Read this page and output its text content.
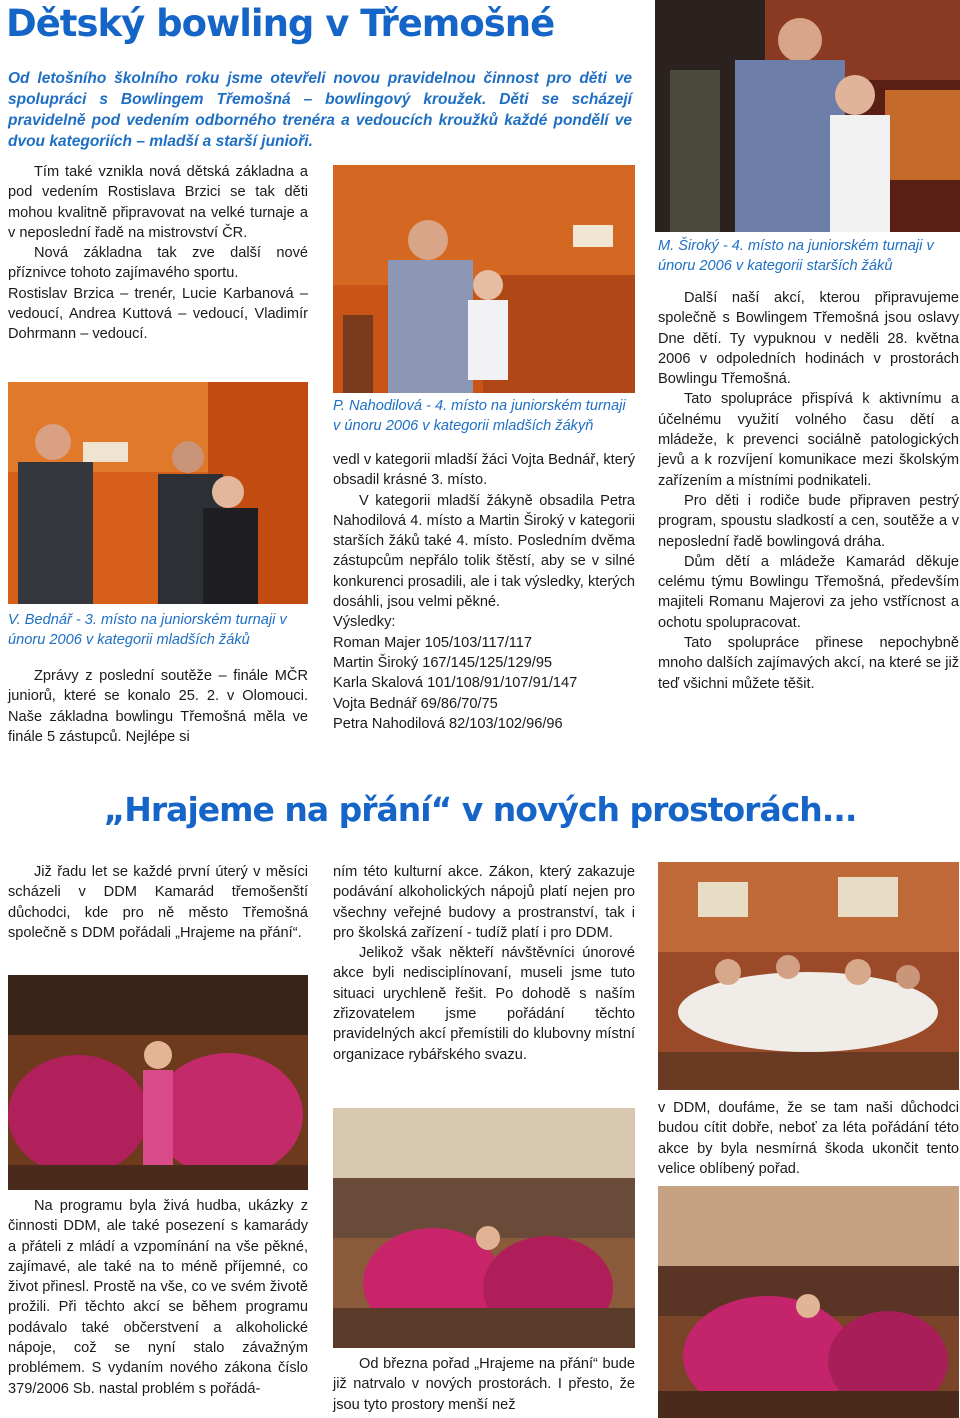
Dětský bowling v Třemošné
Od letošního školního roku jsme otevřeli novou pravidelnou činnost pro děti ve spolupráci s Bowlingem Třemošná – bowlingový kroužek. Děti se scházejí pravidelně pod vedením odborného trenéra a vedoucích kroužků každé pondělí ve dvou kategoriích – mladší a starší junioři.
M. Široký - 4. místo na juniorském turnaji v únoru 2006 v kategorii starších žáků

Tím také vznikla nová dětská základna a pod vedením Rostislava Brzici se tak děti mohou kvalitně připravovat na velké turnaje a v neposlední řadě na mistrovství ČR.

Nová základna tak zve další nové příznivce tohoto zajímavého sportu.

Rostislav Brzica – trenér, Lucie Karbanová – vedoucí, Andrea Kuttová – vedoucí, Vladimír Dohrmann – vedoucí.

V. Bednář - 3. místo na juniorském turnaji v únoru 2006 v kategorii mladších žáků

Zprávy z poslední soutěže – finále MČR juniorů, které se konalo 25. 2. v Olomouci. Naše základna bowlingu Třemošná měla ve finále 5 zástupců. Nejlépe si

P. Nahodilová - 4. místo na juniorském turnaji v únoru 2006 v kategorii mladších žákyň

vedl v kategorii mladší žáci Vojta Bednář, který obsadil krásné 3. místo.

V kategorii mladší žákyně obsadila Petra Nahodilová 4. místo a Martin Široký v kategorii starších žáků také 4. místo. Posledním dvěma zástupcům nepřálo tolik štěstí, aby se v silné konkurenci prosadili, ale i tak výsledky, kterých dosáhli, jsou velmi pěkné.

Výsledky:

Roman Majer 105/103/117/117

Martin Široký 167/145/125/129/95

Karla Skalová 101/108/91/107/91/147

Vojta Bednář 69/86/70/75

Petra Nahodilová 82/103/102/96/96

Další naší akcí, kterou připravujeme společně s Bowlingem Třemošná jsou oslavy Dne dětí. Ty vypuknou v neděli 28. května 2006 v odpoledních hodinách v prostorách Bowlingu Třemošná.

Tato spolupráce přispívá k aktivnímu a účelnému využití volného času dětí a mládeže, k prevenci sociálně patologických jevů a k rozvíjení komunikace mezi školským zařízením a místními podnikateli.

Pro děti i rodiče bude připraven pestrý program, spoustu sladkostí a cen, soutěže a v neposlední řadě bowlingová dráha.

Dům dětí a mládeže Kamarád děkuje celému týmu Bowlingu Třemošná, především majiteli Romanu Majerovi za jeho vstřícnost a ochotu spolupracovat.

Tato spolupráce přinese nepochybně mnoho dalších zajímavých akcí, na které se již teď všichni můžete těšit.

„Hrajeme na přání“ v nových prostorách...

Již řadu let se každé první úterý v měsíci scházeli v DDM Kamarád třemošenští důchodci, kde pro ně město Třemošná společně s DDM pořádali „Hrajeme na přání“.

Na programu byla živá hudba, ukázky z činnosti DDM, ale také posezení s kamarády a přáteli z mládí a vzpomínání na vše pěkné, zajímavé, ale také na to méně příjemné, co život přinesl. Prostě na vše, co ve svém životě prožili. Při těchto akcí se během programu podávalo také občerstvení a alkoholické nápoje, což se nyní stalo závažným problémem. S vydaním nového zákona číslo 379/2006 Sb. nastal problém s pořádá-

ním této kulturní akce. Zákon, který zakazuje podávání alkoholických nápojů platí nejen pro všechny veřejné budovy a prostranství, tak i pro školská zařízení - tudíž platí i pro DDM.

Jelikož však někteří návštěvníci únorové akce byli nedisciplínovaní, museli jsme tuto situaci urychleně řešit. Po dohodě s naším zřizovatelem jsme pořádání těchto pravidelných akcí přemístili do klubovny místní organizace rybářského svazu.

Od března pořad „Hrajeme na přání“ bude již natrvalo v nových prostorách. I přesto, že jsou tyto prostory menší než

v DDM, doufáme, že se tam naši důchodci budou cítit dobře, neboť za léta pořádání této akce by byla nesmírná škoda ukončit tento velice oblíbený pořad.
